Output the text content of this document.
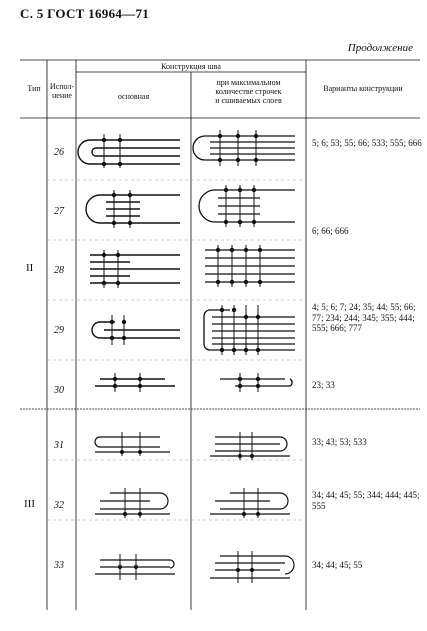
С. 5 ГОСТ 16964—71
Продолжение
Тип	Испол-
нение
Конструкция шва
основная
при максимальном
количестве строчек
и сшиваемых слоев
Варианты конструкции
II
III
26
27
28
29
30
31
32
33
5; 6; 53; 55; 66; 533; 555; 666
6; 66; 666
4; 5; 6; 7; 24; 35; 44; 55; 66; 77; 234; 244; 345; 355; 444; 555; 666; 777
23; 33
33; 43; 53; 533
34; 44; 45; 55; 344; 444; 445; 555
34; 44; 45; 55
